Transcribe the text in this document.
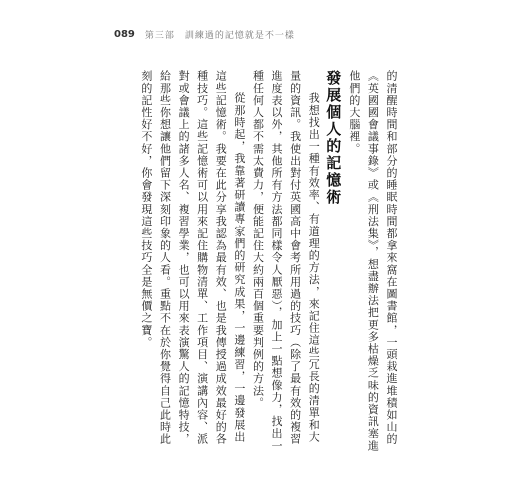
089 第三部 訓練過的記憶就是不一樣

的清醒時間和部分的睡眠時間都拿來窩在圖書館，一頭栽進堆積如山的《英國國會議事錄》或《刑法集》，想盡辦法把更多枯燥乏味的資訊塞進他們的大腦裡。

發展個人的記憶術

我想找出一種有效率、有道理的方法，來記住這些冗長的清單和大量的資訊。我使出對付英國高中會考所用過的技巧（除了最有效的複習進度表以外，其他所有方法都同樣令人厭惡），加上一點想像力，找出一種任何人都不需太費力，便能記住大約兩百個重要判例的方法。

從那時起，我靠著研讀專家們的研究成果，一邊練習，一邊發展出這些記憶術。我要在此分享我認為最有效、也是我傳授過成效最好的各種技巧。這些記憶術可以用來記住購物清單、工作項目、演講內容、派對或會議上的諸多人名、複習學業，也可以用來表演驚人的記憶特技，給那些你想讓他們留下深刻印象的人看。重點不在於你覺得自己此時此刻的記性好不好，你會發現這些技巧全是無價之寶。
